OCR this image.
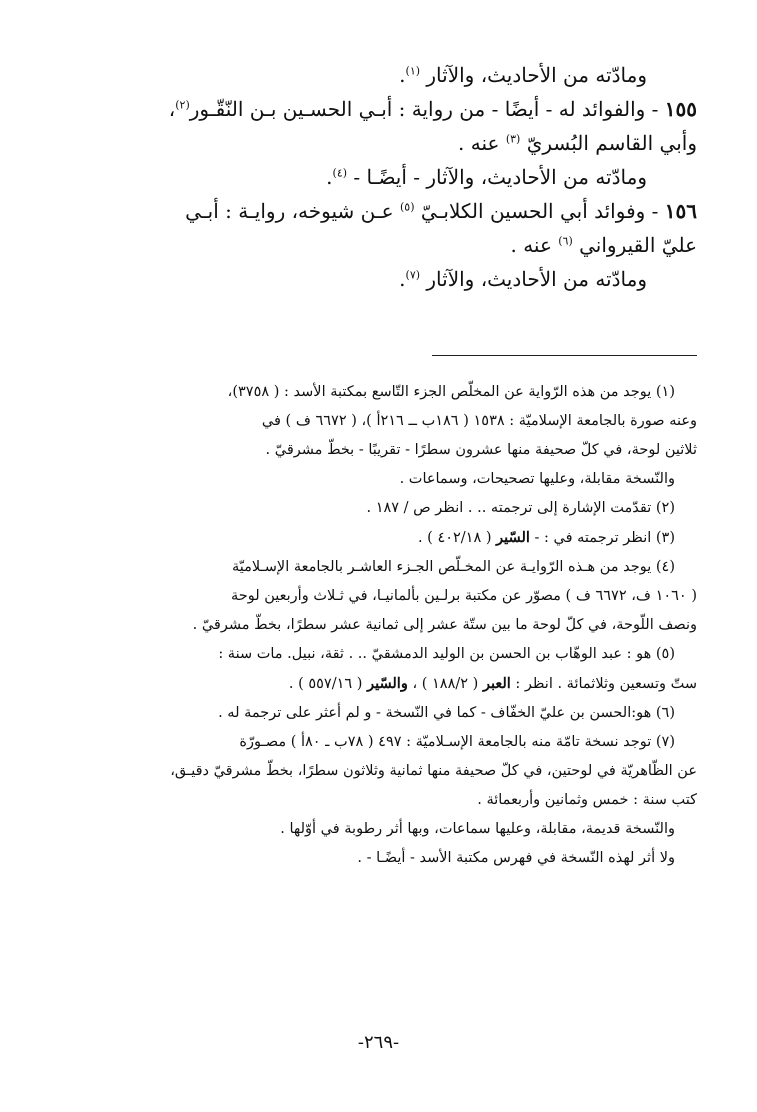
ومادّته من الأحاديث، والآثار $^{(١)}$.

١٥٥ - والفوائد له - أيضًا - من رواية : أبـي الحسـين بـن النّقّـور$^{(٢)}$،

وأبي القاسم البُسريّ $^{(٣)}$ عنه .

ومادّته من الأحاديث، والآثار - أيضًـا - $^{(٤)}$.

١٥٦ - وفوائد أبي الحسين الكلابـيّ $^{(٥)}$ عـن شيوخه، روايـة : أبـي

عليّ القيرواني $^{(٦)}$ عنه .

ومادّته من الأحاديث، والآثار $^{(٧)}$.

(١) يوجد من هذه الرّواية عن المخلّص الجزء التّاسع بمكتبة الأسد : ( ٣٧٥٨)،

وعنه صورة بالجامعة الإسلاميّة : ١٥٣٨ ( ١٨٦ب ــ ٢١٦أ )، ( ٦٦٧٢ ف ) في

ثلاثين لوحة، في كلّ صحيفة منها عشرون سطرًا - تقريبًا - بخطّ مشرقيّ .

والنّسخة مقابلة، وعليها تصحيحات، وسماعات .

(٢) تقدّمت الإشارة إلى ترجمته .. . انظر ص / ١٨٧ .

(٣) انظر ترجمته في : - السّير ( ٤٠٢/١٨ ) .

(٤) يوجد من هـذه الرّوايـة عن المخـلّص الجـزء العاشـر بالجامعة الإسـلاميّة

( ١٠٦٠ ف، ٦٦٧٢ ف ) مصوّر عن مكتبة برلـين بألمانيـا، في ثـلاث وأربعين لوحة

ونصف اللّوحة، في كلّ لوحة ما بين ستّة عشر إلى ثمانية عشر سطرًا، بخطّ مشرقيّ .

(٥) هو : عبد الوهّاب بن الحسن بن الوليد الدمشقيّ .. . ثقة، نبيل. مات سنة :

ستّ وتسعين وثلاثمائة . انظر : العبر ( ١٨٨/٢ ) ، والسّير ( ٥٥٧/١٦ ) .

(٦) هو:الحسن بن عليّ الخفّاف - كما في النّسخة - و لم أعثر على ترجمة له .

(٧) توجد نسخة تامّة منه بالجامعة الإسـلاميّة : ٤٩٧ ( ٧٨ب ـ ٨٠أ ) مصـورّة

عن الظّاهريّة في لوحتين، في كلّ صحيفة منها ثمانية وثلاثون سطرًا، بخطّ مشرقيّ دقيـق،

كتب سنة : خمس وثمانين وأربعمائة .

والنّسخة قديمة، مقابلة، وعليها سماعات، وبها أثر رطوبة في أوّلها .

ولا أثر لهذه النّسخة في فهرس مكتبة الأسد - أيضًـا - .

-٢٦٩-
